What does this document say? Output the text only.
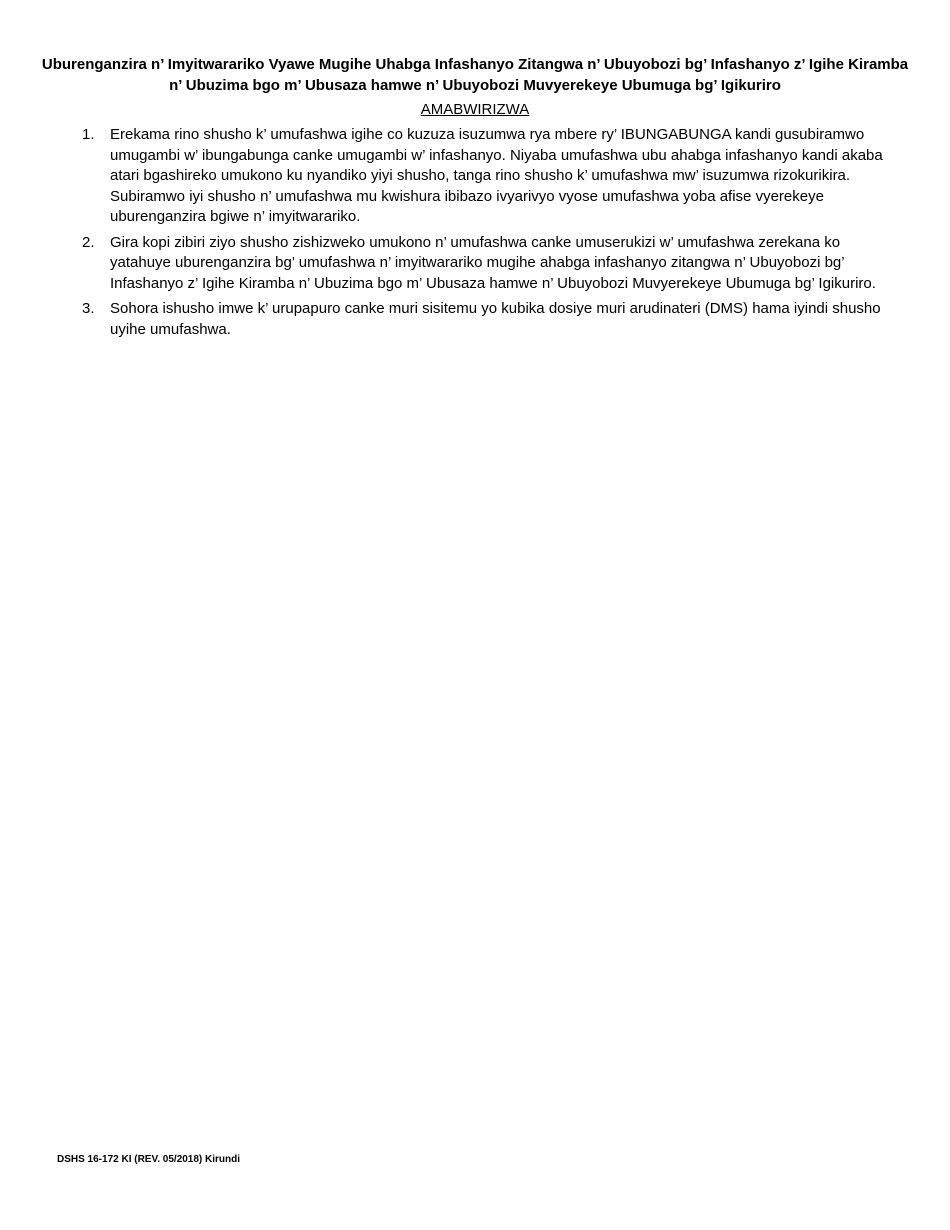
Uburenganzira n’ Imyitwarariko Vyawe Mugihe Uhabga Infashanyo Zitangwa n’ Ubuyobozi bg’ Infashanyo z’ Igihe Kiramba n’ Ubuzima bgo m’ Ubusaza hamwe n’ Ubuyobozi Muvyerekeye Ubumuga bg’ Igikuriro
AMABWIRIZWA
1. Erekama rino shusho k’ umufashwa igihe co kuzuza isuzumwa rya mbere ry’ IBUNGABUNGA kandi gusubiramwo umugambi w’ ibungabunga canke umugambi w’ infashanyo. Niyaba umufashwa ubu ahabga infashanyo kandi akaba atari bgashireko umukono ku nyandiko yiyi shusho, tanga rino shusho k’ umufashwa mw’ isuzumwa rizokurikira. Subiramwo iyi shusho n’ umufashwa mu kwishura ibibazo ivyarivyo vyose umufashwa yoba afise vyerekeye uburenganzira bgiwe n’ imyitwarariko.
2. Gira kopi zibiri ziyo shusho zishizweko umukono n’ umufashwa canke umuserukizi w’ umufashwa zerekana ko yatahuye uburenganzira bg’ umufashwa n’ imyitwarariko mugihe ahabga infashanyo zitangwa n’ Ubuyobozi bg’ Infashanyo z’ Igihe Kiramba n’ Ubuzima bgo m’ Ubusaza hamwe n’ Ubuyobozi Muvyerekeye Ubumuga bg’ Igikuriro.
3. Sohora ishusho imwe k’ urupapuro canke muri sisitemu yo kubika dosiye muri arudinateri (DMS) hama iyindi shusho uyihe umufashwa.
DSHS 16-172 KI (REV. 05/2018) Kirundi
